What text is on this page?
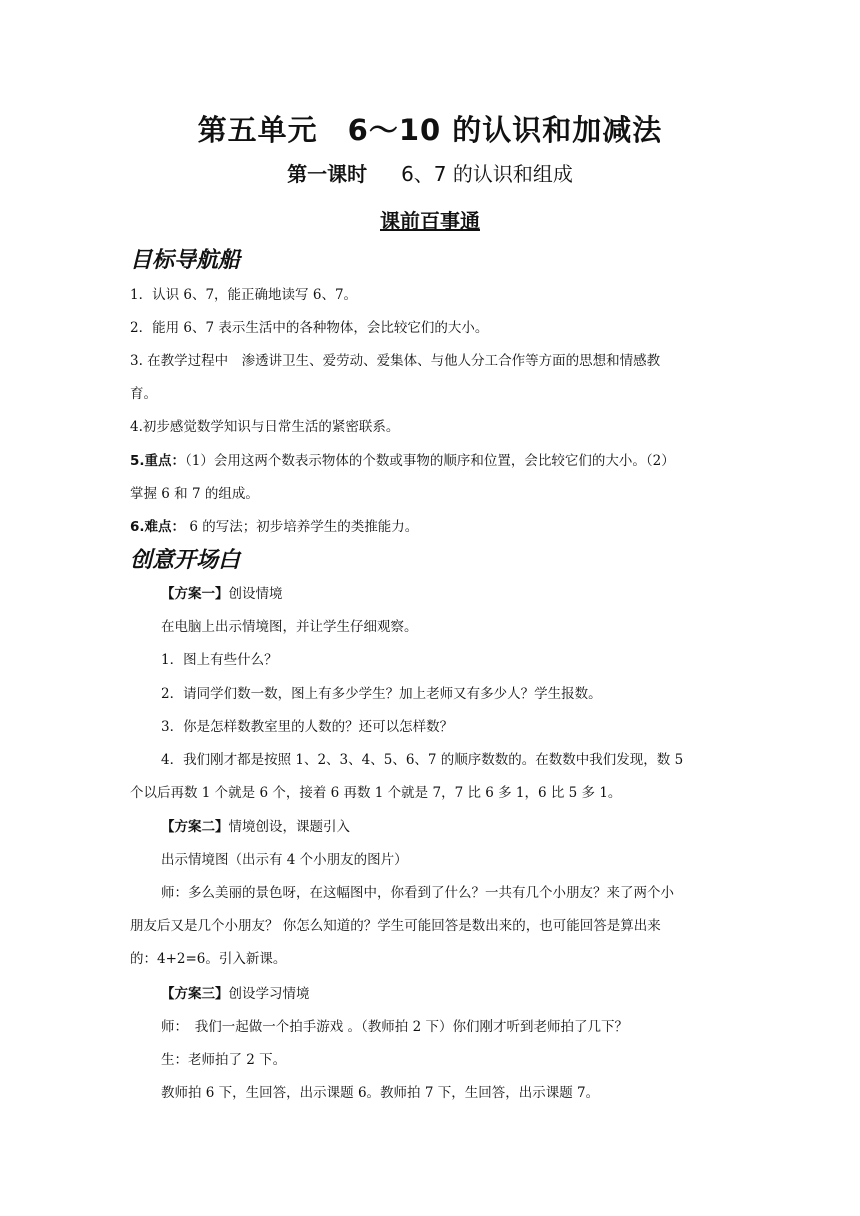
第五单元　6～10 的认识和加减法
第一课时 　 6、7 的认识和组成
课前百事通
目标导航船
1．认识 6、7，能正确地读写 6、7。
2．能用 6、7 表示生活中的各种物体，会比较它们的大小。
3. 在教学过程中　渗透讲卫生、爱劳动、爱集体、与他人分工合作等方面的思想和情感教
育。
4.初步感觉数学知识与日常生活的紧密联系。
5.重点：（1）会用这两个数表示物体的个数或事物的顺序和位置，会比较它们的大小。（2）
掌握 6 和 7 的组成。
6.难点： 6 的写法；初步培养学生的类推能力。
创意开场白
【方案一】创设情境
在电脑上出示情境图，并让学生仔细观察。
1．图上有些什么？
2．请同学们数一数，图上有多少学生？加上老师又有多少人？学生报数。
3．你是怎样数教室里的人数的？还可以怎样数？
4．我们刚才都是按照 1、2、3、4、5、6、7 的顺序数数的。在数数中我们发现，数 5
个以后再数 1 个就是 6 个，接着 6 再数 1 个就是 7，7 比 6 多 1，6 比 5 多 1。
【方案二】情境创设，课题引入
出示情境图（出示有 4 个小朋友的图片）
师：多么美丽的景色呀，在这幅图中，你看到了什么？一共有几个小朋友？来了两个小
朋友后又是几个小朋友？ 你怎么知道的？学生可能回答是数出来的，也可能回答是算出来
的：4+2=6。引入新课。
【方案三】创设学习情境
师：　我们一起做一个拍手游戏 。（教师拍 2 下）你们刚才听到老师拍了几下？
生：老师拍了 2 下。
教师拍 6 下，生回答，出示课题 6。教师拍 7 下，生回答，出示课题 7。
